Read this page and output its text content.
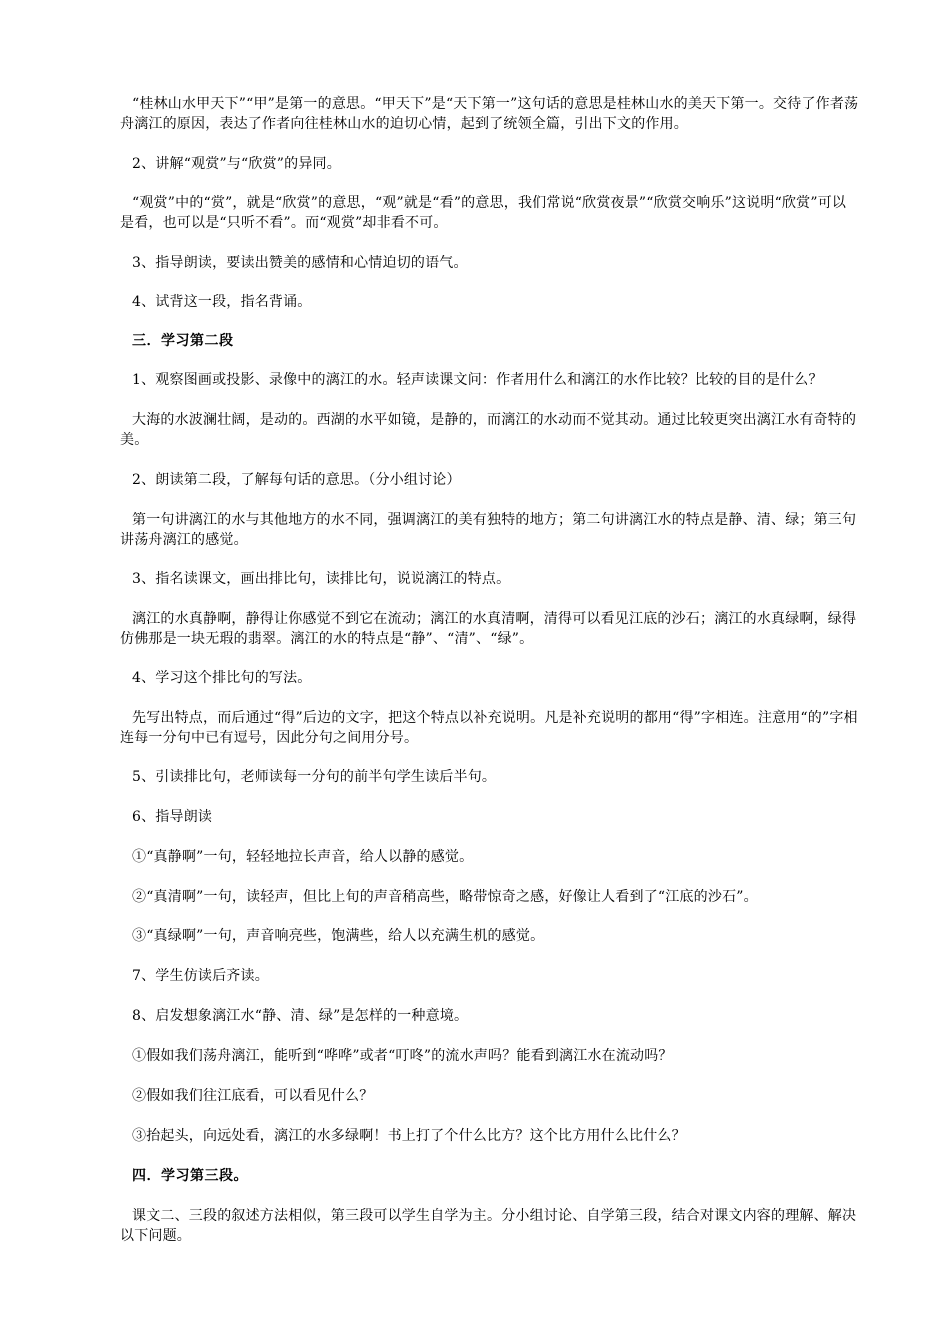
“桂林山水甲天下”“甲”是第一的意思。“甲天下”是“天下第一”这句话的意思是桂林山水的美天下第一。交待了作者荡舟漓江的原因，表达了作者向往桂林山水的迫切心情，起到了统领全篇，引出下文的作用。
2、讲解“观赏”与“欣赏”的异同。
“观赏”中的“赏”，就是“欣赏”的意思，“观”就是“看”的意思，我们常说“欣赏夜景”“欣赏交响乐”这说明“欣赏”可以是看，也可以是“只听不看”。而“观赏”却非看不可。
3、指导朗读，要读出赞美的感情和心情迫切的语气。
4、试背这一段，指名背诵。
三．学习第二段
1、观察图画或投影、录像中的漓江的水。轻声读课文问：作者用什么和漓江的水作比较？比较的目的是什么？
大海的水波澜壮阔，是动的。西湖的水平如镜，是静的，而漓江的水动而不觉其动。通过比较更突出漓江水有奇特的美。
2、朗读第二段，了解每句话的意思。（分小组讨论）
第一句讲漓江的水与其他地方的水不同，强调漓江的美有独特的地方；第二句讲漓江水的特点是静、清、绿；第三句讲荡舟漓江的感觉。
3、指名读课文，画出排比句，读排比句，说说漓江的特点。
漓江的水真静啊，静得让你感觉不到它在流动；漓江的水真清啊，清得可以看见江底的沙石；漓江的水真绿啊，绿得仿佛那是一块无瑕的翡翠。漓江的水的特点是“静”、“清”、“绿”。
4、学习这个排比句的写法。
先写出特点，而后通过“得”后边的文字，把这个特点以补充说明。凡是补充说明的都用“得”字相连。注意用“的”字相连每一分句中已有逗号，因此分句之间用分号。
5、引读排比句，老师读每一分句的前半句学生读后半句。
6、指导朗读
①“真静啊”一句，轻轻地拉长声音，给人以静的感觉。
②“真清啊”一句，读轻声，但比上旬的声音稍高些，略带惊奇之感，好像让人看到了“江底的沙石”。
③“真绿啊”一句，声音响亮些，饱满些，给人以充满生机的感觉。
7、学生仿读后齐读。
8、启发想象漓江水“静、清、绿”是怎样的一种意境。
①假如我们荡舟漓江，能听到“哗哗”或者“叮咚”的流水声吗？能看到漓江水在流动吗？
②假如我们往江底看，可以看见什么？
③抬起头，向远处看，漓江的水多绿啊！书上打了个什么比方？这个比方用什么比什么？
四．学习第三段。
课文二、三段的叙述方法相似，第三段可以学生自学为主。分小组讨论、自学第三段，结合对课文内容的理解、解决以下问题。
